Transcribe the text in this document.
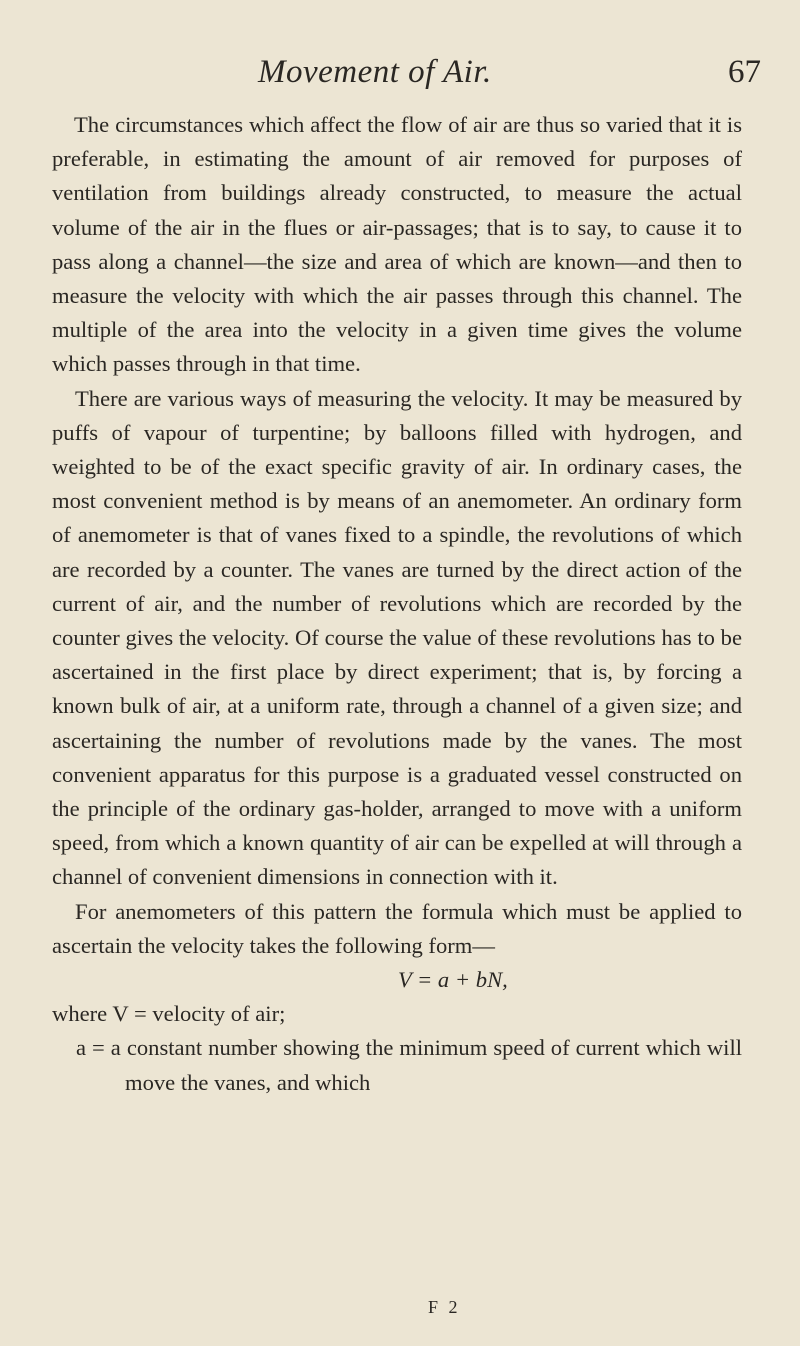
Movement of Air.	67

The circumstances which affect the flow of air are thus so varied that it is preferable, in estimating the amount of air removed for purposes of ventilation from buildings already constructed, to measure the actual volume of the air in the flues or air-passages; that is to say, to cause it to pass along a channel—the size and area of which are known—and then to measure the velocity with which the air passes through this channel. The multiple of the area into the velocity in a given time gives the volume which passes through in that time.

There are various ways of measuring the velocity. It may be measured by puffs of vapour of turpentine; by balloons filled with hydrogen, and weighted to be of the exact specific gravity of air. In ordinary cases, the most convenient method is by means of an anemometer. An ordinary form of anemometer is that of vanes fixed to a spindle, the revolutions of which are recorded by a counter. The vanes are turned by the direct action of the current of air, and the number of revolutions which are recorded by the counter gives the velocity. Of course the value of these revolutions has to be ascertained in the first place by direct experiment; that is, by forcing a known bulk of air, at a uniform rate, through a channel of a given size; and ascertaining the number of revolutions made by the vanes. The most convenient apparatus for this purpose is a graduated vessel constructed on the principle of the ordinary gas-holder, arranged to move with a uniform speed, from which a known quantity of air can be expelled at will through a channel of convenient dimensions in connection with it.

For anemometers of this pattern the formula which must be applied to ascertain the velocity takes the following form—

V = a + bN,

where V = velocity of air;

a = a constant number showing the minimum speed of current which will move the vanes, and which

F 2
